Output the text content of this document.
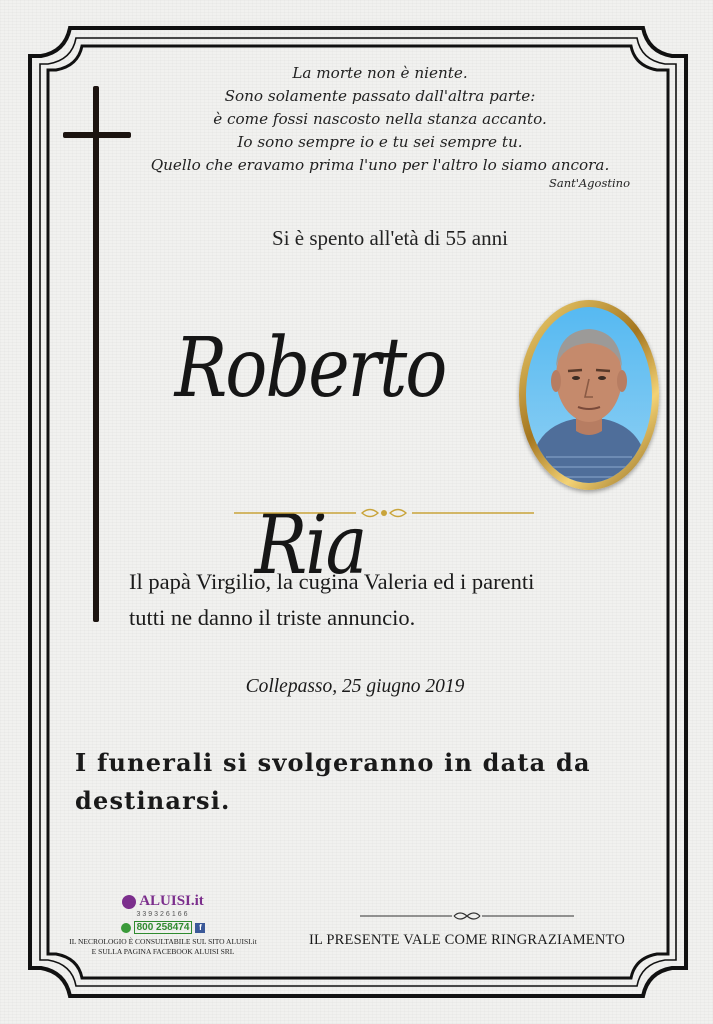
La morte non è niente.
Sono solamente passato dall'altra parte:
è come fossi nascosto nella stanza accanto.
Io sono sempre io e tu sei sempre tu.
Quello che eravamo prima l'uno per l'altro lo siamo ancora.
Sant'Agostino
Si è spento all'età di 55 anni
Roberto Ria
Il papà Virgilio, la cugina Valeria ed i parenti
tutti ne danno il triste annuncio.
Collepasso, 25 giugno 2019
I funerali si svolgeranno in data da
destinarsi.
IL PRESENTE VALE COME RINGRAZIAMENTO
ALUISI.it
339326166
800 258474	f
IL NECROLOGIO È CONSULTABILE SUL SITO ALUISI.it
E SULLA PAGINA FACEBOOK ALUISI SRL
